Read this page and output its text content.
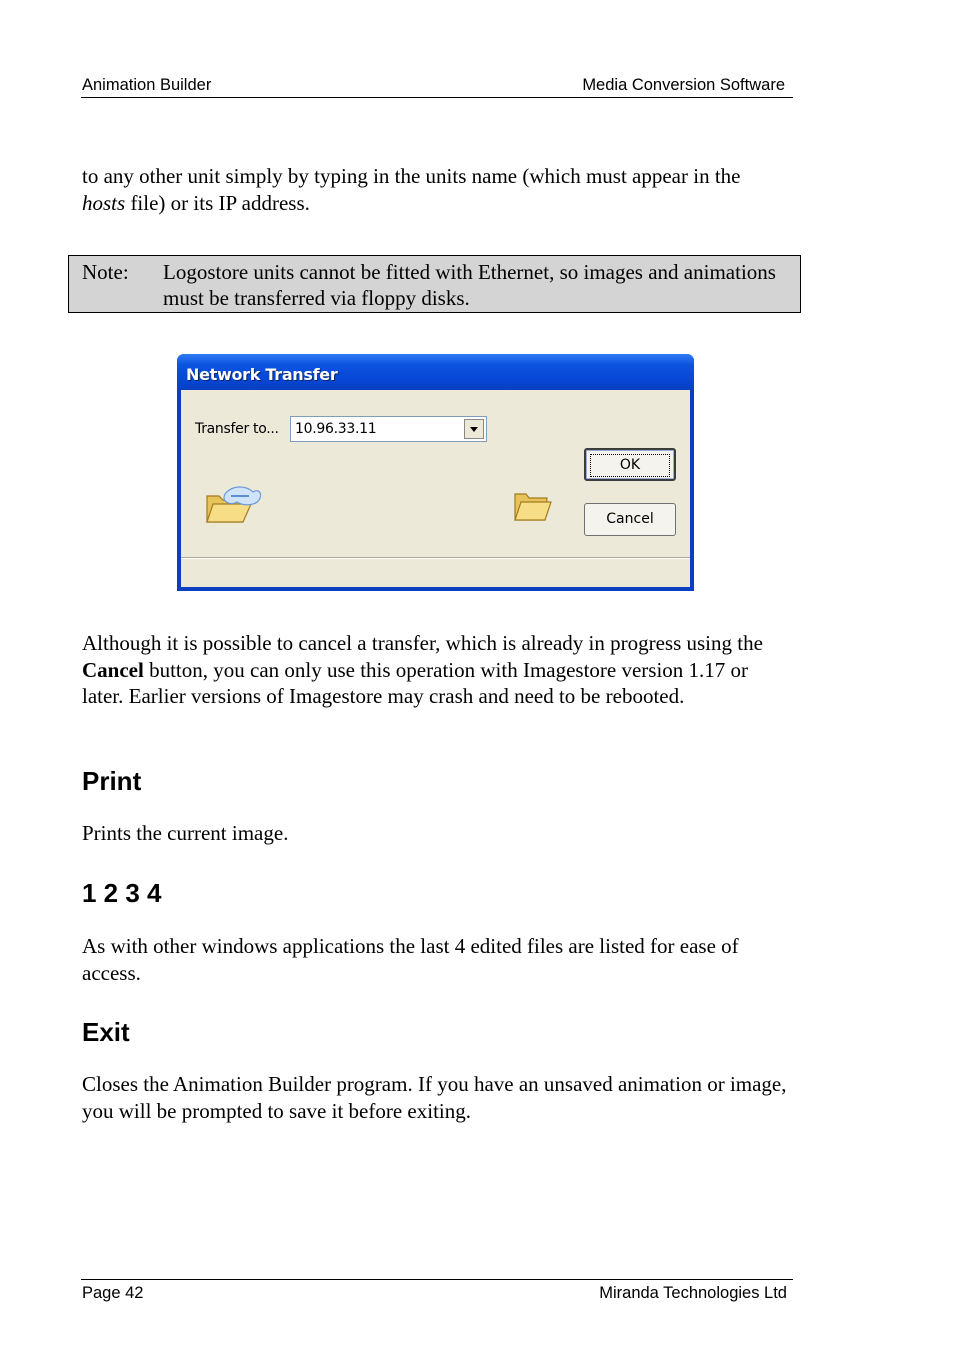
Animation Builder	Media Conversion Software

to any other unit simply by typing in the units name (which must appear in the hosts file) or its IP address.

Note: Logostore units cannot be fitted with Ethernet, so images and animations must be transferred via floppy disks.
Network Transfer
Transfer to... 10.96.33.11
OK
Cancel

Although it is possible to cancel a transfer, which is already in progress using the Cancel button, you can only use this operation with Imagestore version 1.17 or later. Earlier versions of Imagestore may crash and need to be rebooted.

Print

Prints the current image.

1 2 3 4

As with other windows applications the last 4 edited files are listed for ease of access.

Exit

Closes the Animation Builder program. If you have an unsaved animation or image, you will be prompted to save it before exiting.

Page 42	Miranda Technologies Ltd
